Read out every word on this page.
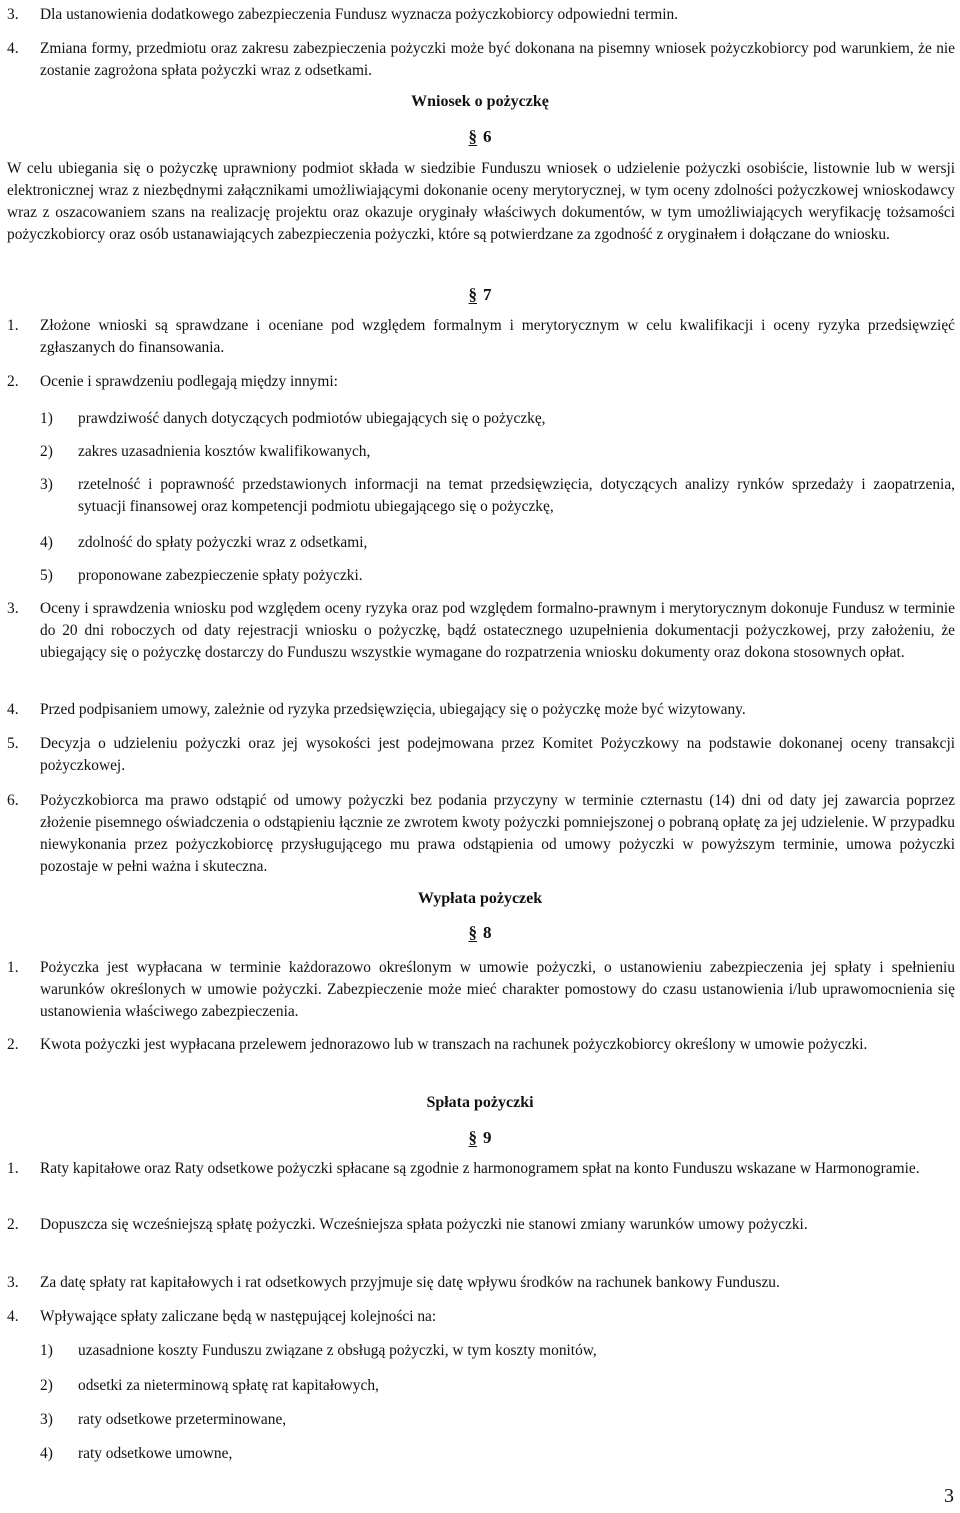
3.	Dla ustanowienia dodatkowego zabezpieczenia Fundusz wyznacza pożyczkobiorcy odpowiedni termin.
4.	Zmiana formy, przedmiotu oraz zakresu zabezpieczenia pożyczki może być dokonana na pisemny wniosek pożyczkobiorcy pod warunkiem, że nie zostanie zagrożona spłata pożyczki wraz z odsetkami.
Wniosek o pożyczkę
§ 6
W celu ubiegania się o pożyczkę uprawniony podmiot składa w siedzibie Funduszu wniosek o udzielenie pożyczki osobiście, listownie lub w wersji elektronicznej wraz z niezbędnymi załącznikami umożliwiającymi dokonanie oceny merytorycznej, w tym oceny zdolności pożyczkowej wnioskodawcy wraz z oszacowaniem szans na realizację projektu oraz okazuje oryginały właściwych dokumentów, w tym umożliwiających weryfikację tożsamości pożyczkobiorcy oraz osób ustanawiających zabezpieczenia pożyczki, które są potwierdzane za zgodność z oryginałem i dołączane do wniosku.
§ 7
1.	Złożone wnioski są sprawdzane i oceniane pod względem formalnym i merytorycznym w celu kwalifikacji i oceny ryzyka przedsięwzięć zgłaszanych do finansowania.
2.	Ocenie i sprawdzeniu podlegają między innymi:
1)	prawdziwość danych dotyczących podmiotów ubiegających się o pożyczkę,
2)	zakres uzasadnienia kosztów kwalifikowanych,
3)	rzetelność i poprawność przedstawionych informacji na temat przedsięwzięcia, dotyczących analizy rynków sprzedaży i zaopatrzenia, sytuacji finansowej oraz kompetencji podmiotu ubiegającego się o pożyczkę,
4)	zdolność do spłaty pożyczki wraz z odsetkami,
5)	proponowane zabezpieczenie spłaty pożyczki.
3.	Oceny i sprawdzenia wniosku pod względem oceny ryzyka oraz pod względem formalno-prawnym i merytorycznym dokonuje Fundusz w terminie do 20 dni roboczych od daty rejestracji wniosku o pożyczkę, bądź ostatecznego uzupełnienia dokumentacji pożyczkowej, przy założeniu, że ubiegający się o pożyczkę dostarczy do Funduszu wszystkie wymagane do rozpatrzenia wniosku dokumenty oraz dokona stosownych opłat.
4.	Przed podpisaniem umowy, zależnie od ryzyka przedsięwzięcia, ubiegający się o pożyczkę może być wizytowany.
5.	Decyzja o udzieleniu pożyczki oraz jej wysokości jest podejmowana przez Komitet Pożyczkowy na podstawie dokonanej oceny transakcji pożyczkowej.
6.	Pożyczkobiorca ma prawo odstąpić od umowy pożyczki bez podania przyczyny w terminie czternastu (14) dni od daty jej zawarcia poprzez złożenie pisemnego oświadczenia o odstąpieniu łącznie ze zwrotem kwoty pożyczki pomniejszonej o pobraną opłatę za jej udzielenie. W przypadku niewykonania przez pożyczkobiorcę przysługującego mu prawa odstąpienia od umowy pożyczki w powyższym terminie, umowa pożyczki pozostaje w pełni ważna i skuteczna.
Wypłata pożyczek
§ 8
1.	Pożyczka jest wypłacana w terminie każdorazowo określonym w umowie pożyczki, o ustanowieniu zabezpieczenia jej spłaty i spełnieniu warunków określonych w umowie pożyczki. Zabezpieczenie może mieć charakter pomostowy do czasu ustanowienia i/lub uprawomocnienia się ustanowienia właściwego zabezpieczenia.
2.	Kwota pożyczki jest wypłacana przelewem jednorazowo lub w transzach na rachunek pożyczkobiorcy określony w umowie pożyczki.
Spłata pożyczki
§ 9
1.	Raty kapitałowe oraz Raty odsetkowe pożyczki spłacane są zgodnie z harmonogramem spłat na konto Funduszu wskazane w Harmonogramie.
2.	Dopuszcza się wcześniejszą spłatę pożyczki. Wcześniejsza spłata pożyczki nie stanowi zmiany warunków umowy pożyczki.
3.	Za datę spłaty rat kapitałowych i rat odsetkowych przyjmuje się datę wpływu środków na rachunek bankowy Funduszu.
4.	Wpływające spłaty zaliczane będą w następującej kolejności na:
1)	uzasadnione koszty Funduszu związane z obsługą pożyczki, w tym koszty monitów,
2)	odsetki za nieterminową spłatę rat kapitałowych,
3)	raty odsetkowe przeterminowane,
4)	raty odsetkowe umowne,
3
